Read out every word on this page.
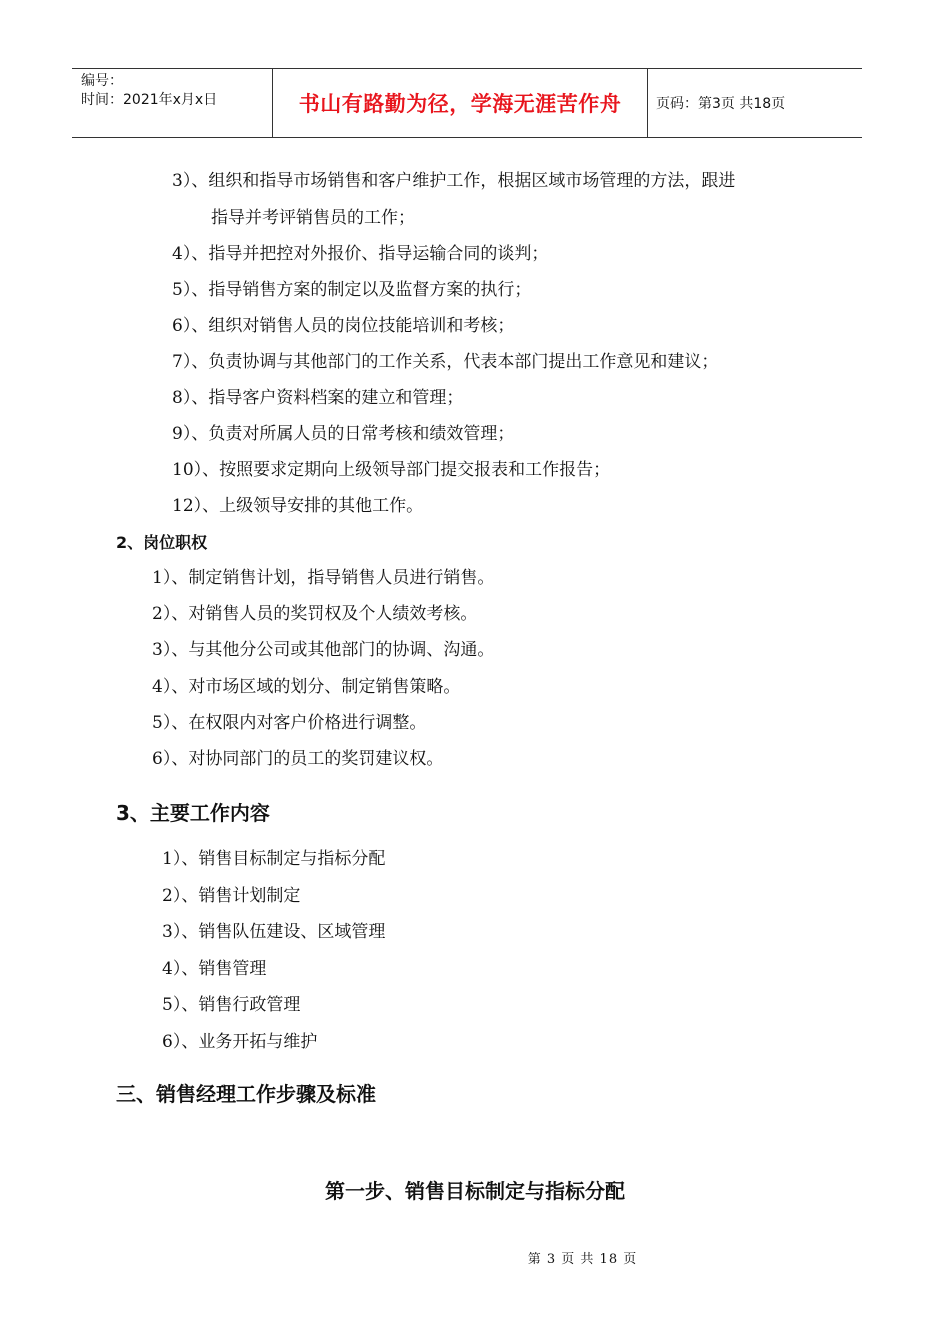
编号：
时间：2021年x月x日	书山有路勤为径，学海无涯苦作舟	页码：第3页 共18页
3）、组织和指导市场销售和客户维护工作，根据区域市场管理的方法，跟进
指导并考评销售员的工作；
4）、指导并把控对外报价、指导运输合同的谈判；
5）、指导销售方案的制定以及监督方案的执行；
6）、组织对销售人员的岗位技能培训和考核；
7）、负责协调与其他部门的工作关系，代表本部门提出工作意见和建议；
8）、指导客户资料档案的建立和管理；
9）、负责对所属人员的日常考核和绩效管理；
10）、按照要求定期向上级领导部门提交报表和工作报告；
12）、上级领导安排的其他工作。
2、岗位职权
1）、制定销售计划，指导销售人员进行销售。
2）、对销售人员的奖罚权及个人绩效考核。
3）、与其他分公司或其他部门的协调、沟通。
4）、对市场区域的划分、制定销售策略。
5）、在权限内对客户价格进行调整。
6）、对协同部门的员工的奖罚建议权。
3、主要工作内容
1）、销售目标制定与指标分配
2）、销售计划制定
3）、销售队伍建设、区域管理
4）、销售管理
5）、销售行政管理
6）、业务开拓与维护
三、销售经理工作步骤及标准
第一步、销售目标制定与指标分配
第 3 页 共 18 页
